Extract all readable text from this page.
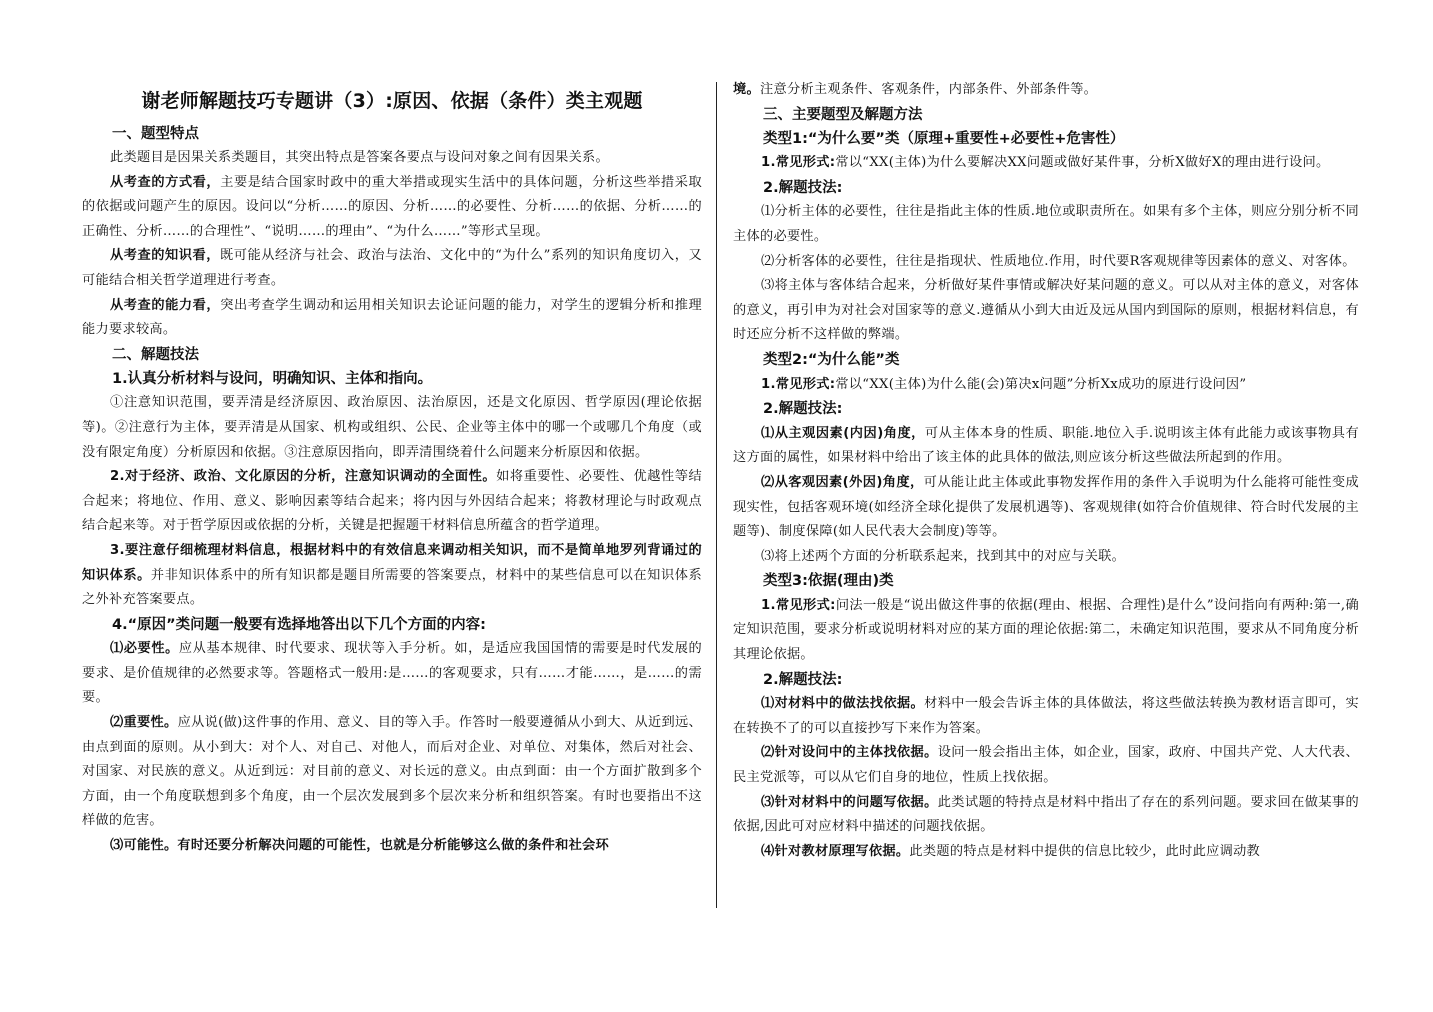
谢老师解题技巧专题讲（3）:原因、依据（条件）类主观题
一、题型特点
此类题目是因果关系类题目，其突出特点是答案各要点与设问对象之间有因果关系。
从考查的方式看，主要是结合国家时政中的重大举措或现实生活中的具体问题，分析这些举措采取的依据或问题产生的原因。设问以“分析……的原因、分析……的必要性、分析……的依据、分析……的正确性、分析……的合理性”、“说明……的理由”、“为什么……”等形式呈现。
从考查的知识看，既可能从经济与社会、政治与法治、文化中的“为什么”系列的知识角度切入，又可能结合相关哲学道理进行考查。
从考查的能力看，突出考查学生调动和运用相关知识去论证问题的能力，对学生的逻辑分析和推理能力要求较高。
二、解题技法
1.认真分析材料与设问，明确知识、主体和指向。
①注意知识范围，要弄清是经济原因、政治原因、法治原因，还是文化原因、哲学原因(理论依据等)。②注意行为主体，要弄清是从国家、机构或组织、公民、企业等主体中的哪一个或哪几个角度（或没有限定角度）分析原因和依据。③注意原因指向，即弄清围绕着什么问题来分析原因和依据。
2.对于经济、政治、文化原因的分析，注意知识调动的全面性。如将重要性、必要性、优越性等结合起来；将地位、作用、意义、影响因素等结合起来；将内因与外因结合起来；将教材理论与时政观点结合起来等。对于哲学原因或依据的分析，关键是把握题干材料信息所蕴含的哲学道理。
3.要注意仔细梳理材料信息，根据材料中的有效信息来调动相关知识，而不是简单地罗列背诵过的知识体系。并非知识体系中的所有知识都是题目所需要的答案要点，材料中的某些信息可以在知识体系之外补充答案要点。
4.“原因”类问题一般要有选择地答出以下几个方面的内容:
⑴必要性。应从基本规律、时代要求、现状等入手分析。如，是适应我国国情的需要是时代发展的要求、是价值规律的必然要求等。答题格式一般用:是……的客观要求，只有……才能……，是……的需要。
⑵重要性。应从说(做)这件事的作用、意义、目的等入手。作答时一般要遵循从小到大、从近到远、由点到面的原则。从小到大：对个人、对自己、对他人，而后对企业、对单位、对集体，然后对社会、对国家、对民族的意义。从近到远：对目前的意义、对长远的意义。由点到面：由一个方面扩散到多个方面，由一个角度联想到多个角度，由一个层次发展到多个层次来分析和组织答案。有时也要指出不这样做的危害。
⑶可能性。有时还要分析解决问题的可能性，也就是分析能够这么做的条件和社会环
境。注意分析主观条件、客观条件，内部条件、外部条件等。
三、主要题型及解题方法
类型1:“为什么要”类（原理+重要性+必要性+危害性）
1.常见形式:常以“XX(主体)为什么要解决XX问题或做好某件事，分析X做好X的理由进行设问。
2.解题技法:
⑴分析主体的必要性，往往是指此主体的性质.地位或职责所在。如果有多个主体，则应分别分析不同主体的必要性。
⑵分析客体的必要性，往往是指现状、性质地位.作用，时代要R客观规律等因素体的意义、对客体。
⑶将主体与客体结合起来，分析做好某件事情或解决好某问题的意义。可以从对主体的意义，对客体的意义，再引申为对社会对国家等的意义.遵循从小到大由近及远从国内到国际的原则，根据材料信息，有时还应分析不这样做的弊端。
类型2:“为什么能”类
1.常见形式:常以“XX(主体)为什么能(会)第决x问题”分析Xx成功的原进行设问因”
2.解题技法:
⑴从主观因素(内因)角度，可从主体本身的性质、职能.地位入手.说明该主体有此能力或该事物具有这方面的属性，如果材料中给出了该主体的此具体的做法,则应该分析这些做法所起到的作用。
⑵从客观因素(外因)角度，可从能让此主体或此事物发挥作用的条件入手说明为什么能将可能性变成现实性，包括客观环境(如经济全球化提供了发展机遇等)、客观规律(如符合价值规律、符合时代发展的主题等)、制度保障(如人民代表大会制度)等等。
⑶将上述两个方面的分析联系起来，找到其中的对应与关联。
类型3:依据(理由)类
1.常见形式:问法一般是“说出做这件事的依据(理由、根据、合理性)是什么”设问指向有两种:第一,确定知识范围，要求分析或说明材料对应的某方面的理论依据:第二，未确定知识范围，要求从不同角度分析其理论依据。
2.解题技法:
⑴对材料中的做法找依据。材料中一般会告诉主体的具体做法，将这些做法转换为教材语言即可，实在转换不了的可以直接抄写下来作为答案。
⑵针对设问中的主体找依据。设问一般会指出主体，如企业，国家，政府、中国共产党、人大代表、民主党派等，可以从它们自身的地位，性质上找依据。
⑶针对材料中的问题写依据。此类试题的特持点是材料中指出了存在的系列问题。要求回在做某事的依据,因此可对应材料中描述的问题找依据。
⑷针对教材原理写依据。此类题的特点是材料中提供的信息比较少，此时此应调动教
